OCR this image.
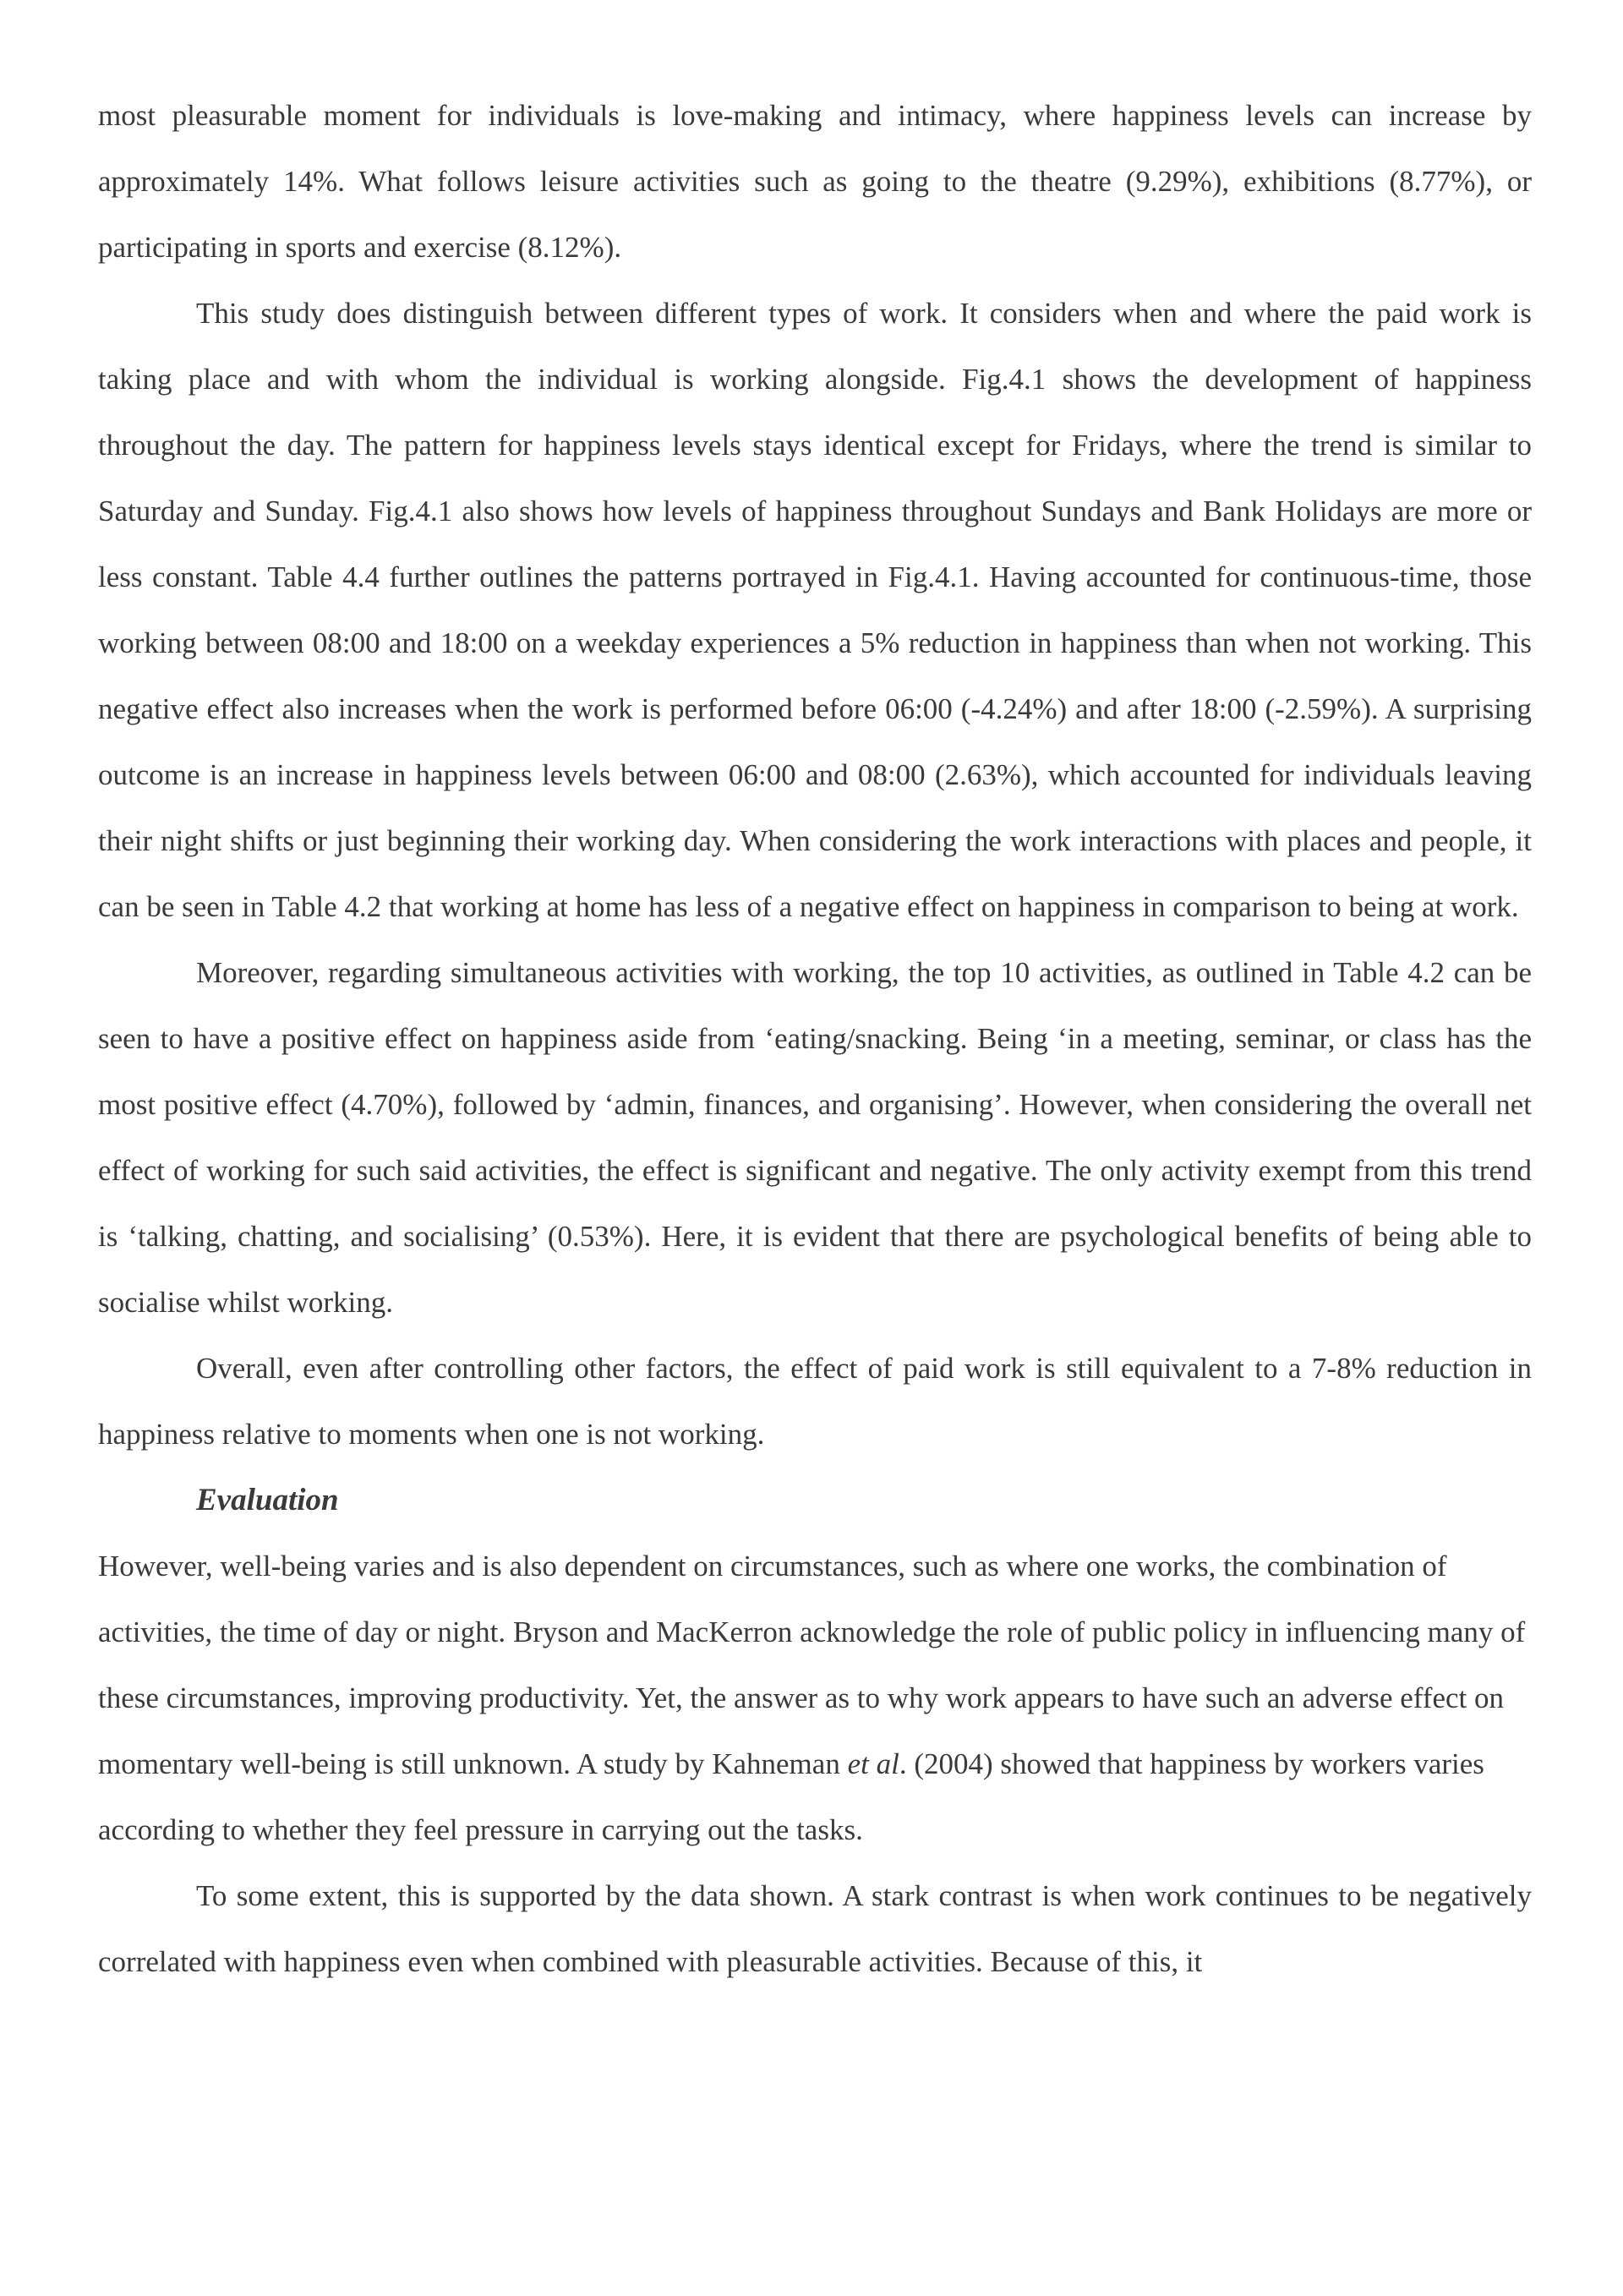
most pleasurable moment for individuals is love-making and intimacy, where happiness levels can increase by approximately 14%. What follows leisure activities such as going to the theatre (9.29%), exhibitions (8.77%), or participating in sports and exercise (8.12%).

This study does distinguish between different types of work. It considers when and where the paid work is taking place and with whom the individual is working alongside. Fig.4.1 shows the development of happiness throughout the day. The pattern for happiness levels stays identical except for Fridays, where the trend is similar to Saturday and Sunday. Fig.4.1 also shows how levels of happiness throughout Sundays and Bank Holidays are more or less constant. Table 4.4 further outlines the patterns portrayed in Fig.4.1. Having accounted for continuous-time, those working between 08:00 and 18:00 on a weekday experiences a 5% reduction in happiness than when not working. This negative effect also increases when the work is performed before 06:00 (-4.24%) and after 18:00 (-2.59%). A surprising outcome is an increase in happiness levels between 06:00 and 08:00 (2.63%), which accounted for individuals leaving their night shifts or just beginning their working day. When considering the work interactions with places and people, it can be seen in Table 4.2 that working at home has less of a negative effect on happiness in comparison to being at work.

Moreover, regarding simultaneous activities with working, the top 10 activities, as outlined in Table 4.2 can be seen to have a positive effect on happiness aside from ‘eating/snacking. Being ‘in a meeting, seminar, or class has the most positive effect (4.70%), followed by ‘admin, finances, and organising’. However, when considering the overall net effect of working for such said activities, the effect is significant and negative. The only activity exempt from this trend is ‘talking, chatting, and socialising’ (0.53%). Here, it is evident that there are psychological benefits of being able to socialise whilst working.

Overall, even after controlling other factors, the effect of paid work is still equivalent to a 7-8% reduction in happiness relative to moments when one is not working.

Evaluation

However, well-being varies and is also dependent on circumstances, such as where one works, the combination of activities, the time of day or night. Bryson and MacKerron acknowledge the role of public policy in influencing many of these circumstances, improving productivity. Yet, the answer as to why work appears to have such an adverse effect on momentary well-being is still unknown. A study by Kahneman et al. (2004) showed that happiness by workers varies according to whether they feel pressure in carrying out the tasks.

To some extent, this is supported by the data shown. A stark contrast is when work continues to be negatively correlated with happiness even when combined with pleasurable activities. Because of this, it
